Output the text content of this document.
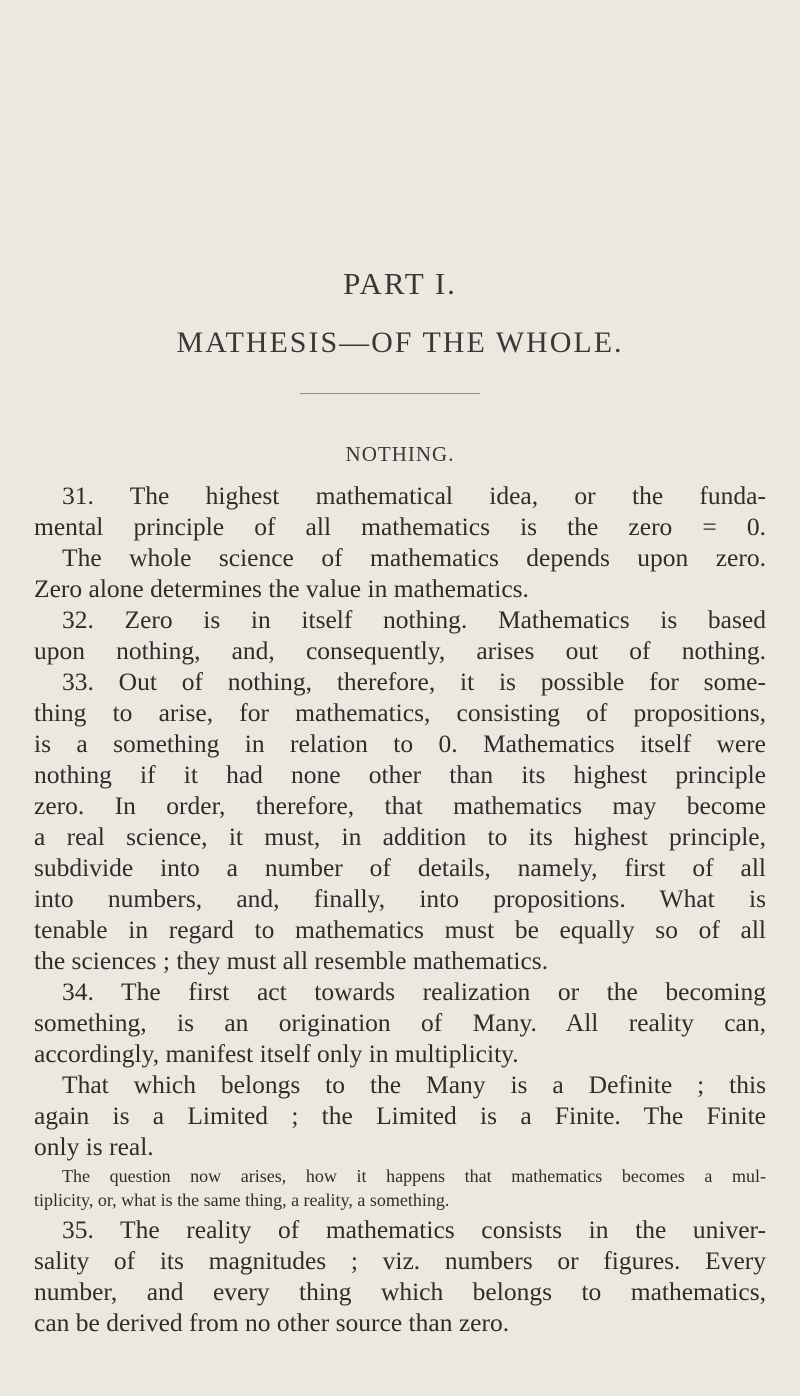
PART I.
MATHESIS—OF THE WHOLE.
NOTHING.
31. The highest mathematical idea, or the funda-
mental principle of all mathematics is the zero = 0.
The whole science of mathematics depends upon zero.
Zero alone determines the value in mathematics.
32. Zero is in itself nothing. Mathematics is based
upon nothing, and, consequently, arises out of nothing.
33. Out of nothing, therefore, it is possible for some-
thing to arise, for mathematics, consisting of propositions,
is a something in relation to 0. Mathematics itself were
nothing if it had none other than its highest principle
zero. In order, therefore, that mathematics may become
a real science, it must, in addition to its highest principle,
subdivide into a number of details, namely, first of all
into numbers, and, finally, into propositions. What is
tenable in regard to mathematics must be equally so of all
the sciences ; they must all resemble mathematics.
34. The first act towards realization or the becoming
something, is an origination of Many. All reality can,
accordingly, manifest itself only in multiplicity.
That which belongs to the Many is a Definite ; this
again is a Limited ; the Limited is a Finite. The Finite
only is real.
The question now arises, how it happens that mathematics becomes a mul-
tiplicity, or, what is the same thing, a reality, a something.
35. The reality of mathematics consists in the univer-
sality of its magnitudes ; viz. numbers or figures. Every
number, and every thing which belongs to mathematics,
can be derived from no other source than zero.
